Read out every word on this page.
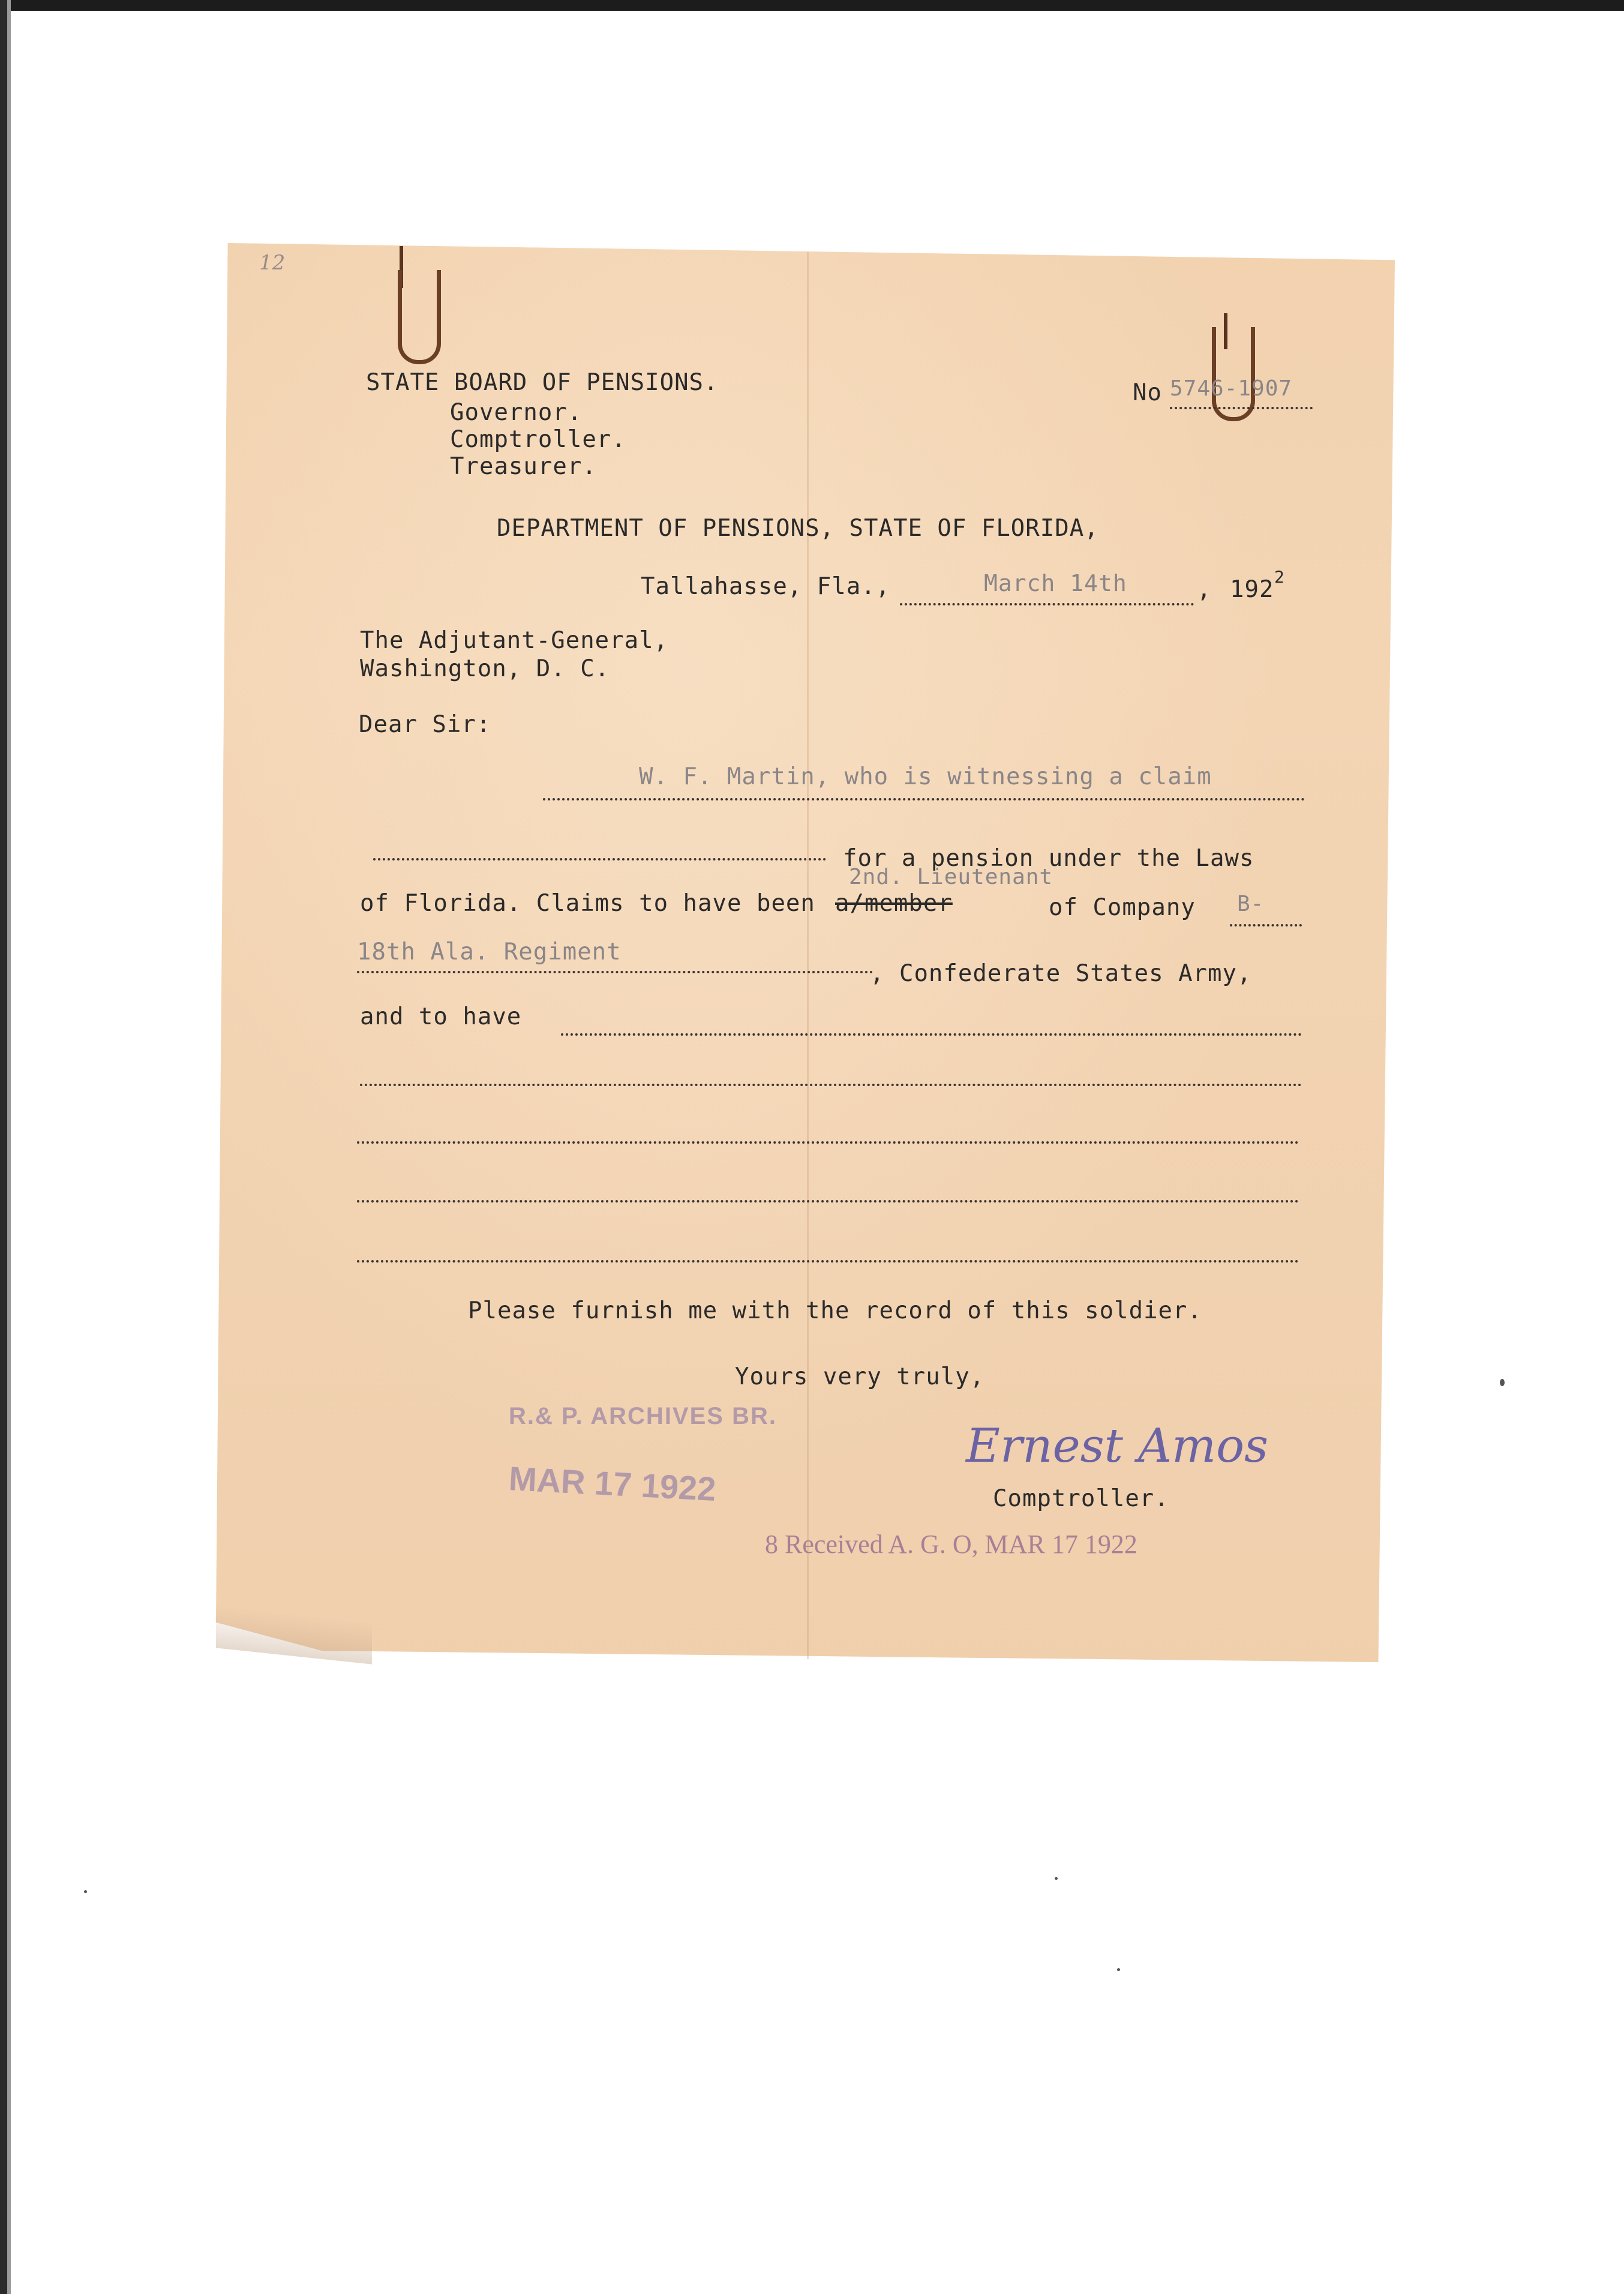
12
STATE BOARD OF PENSIONS.
Governor.
Comptroller.
Treasurer.
No 5746-1907
DEPARTMENT OF PENSIONS, STATE OF FLORIDA,
Tallahasse, Fla.,	March 14th	, 192 2
The Adjutant-General,
Washington, D. C.
Dear Sir:
W. F. Martin, who is witnessing a claim
for a pension under the Laws
2nd. Lieutenant
of Florida. Claims to have been a/member	of Company B-
18th Ala. Regiment
, Confederate States Army,
and to have
Please furnish me with the record of this soldier.
Yours very truly,
Ernest Amos
Comptroller.
R.& P. ARCHIVES BR.
MAR 17 1922
8 Received A. G. O, MAR 17 1922
